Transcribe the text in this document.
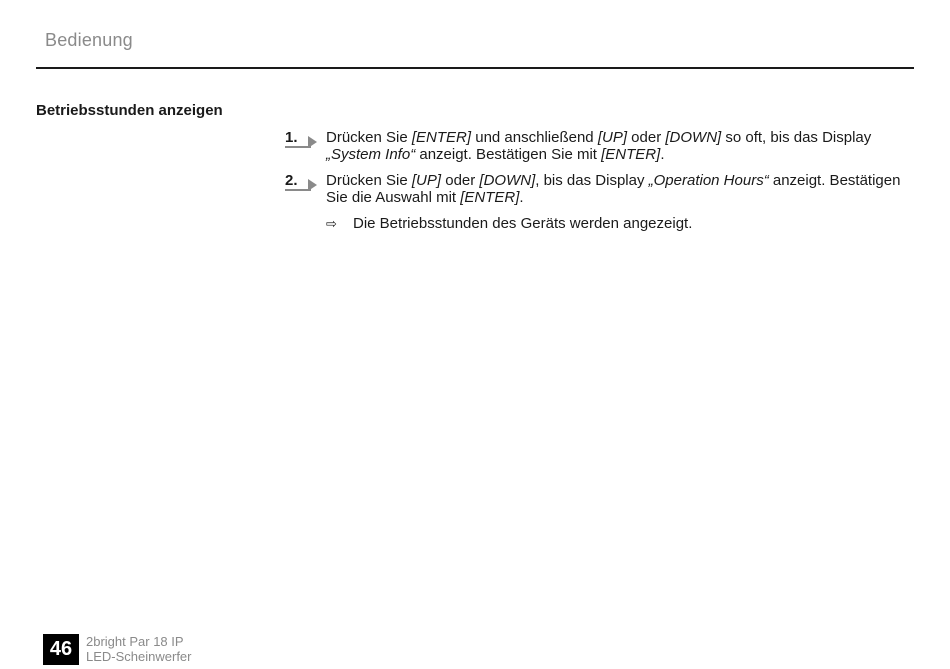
Bedienung
Betriebsstunden anzeigen
1. Drücken Sie [ENTER] und anschließend [UP] oder [DOWN] so oft, bis das Display „System Info“ anzeigt. Bestätigen Sie mit [ENTER].
2. Drücken Sie [UP] oder [DOWN], bis das Display „Operation Hours“ anzeigt. Bestätigen Sie die Auswahl mit [ENTER].
⇨	Die Betriebsstunden des Geräts werden angezeigt.
46	2bright Par 18 IP
LED-Scheinwerfer
